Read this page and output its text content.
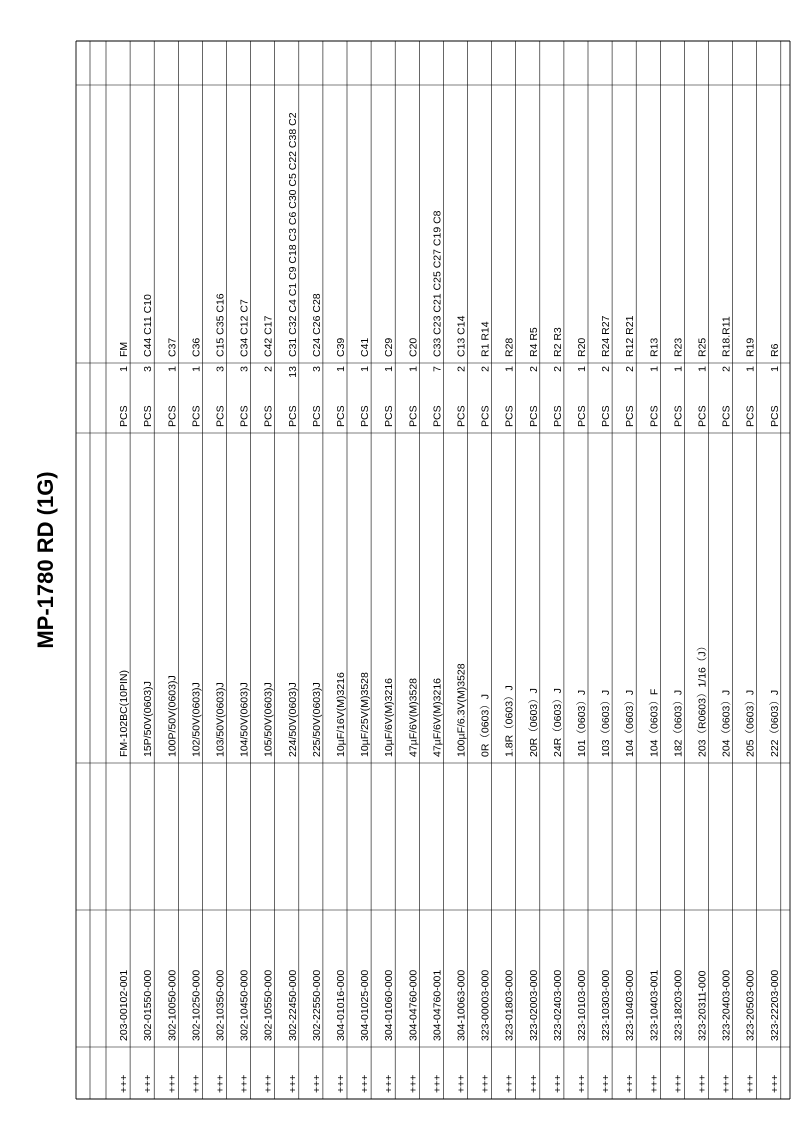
MP-1780 RD (1G)
+++
203-00102-001
FM-102BC(10PIN)
PCS
1
FM
+++
302-01550-000
15P/50V(0603)J
PCS
3
C44 C11 C10
+++
302-10050-000
100P/50V(0603)J
PCS
1
C37
+++
302-10250-000
102/50V(0603)J
PCS
1
C36
+++
302-10350-000
103/50V(0603)J
PCS
3
C15 C35 C16
+++
302-10450-000
104/50V(0603)J
PCS
3
C34 C12 C7
+++
302-10550-000
105/50V(0603)J
PCS
2
C42 C17
+++
302-22450-000
224/50V(0603)J
PCS
13
C31 C32 C4 C1 C9 C18 C3 C6 C30 C5 C22 C38 C2
+++
302-22550-000
225/50V(0603)J
PCS
3
C24 C26 C28
+++
304-01016-000
10µF/16V(M)3216
PCS
1
C39
+++
304-01025-000
10µF/25V(M)3528
PCS
1
C41
+++
304-01060-000
10µF/6V(M)3216
PCS
1
C29
+++
304-04760-000
47µF/6V(M)3528
PCS
1
C20
+++
304-04760-001
47µF/6V(M)3216
PCS
7
C33 C23 C21 C25 C27 C19 C8
+++
304-10063-000
100µF/6.3V(M)3528
PCS
2
C13 C14
+++
323-00003-000
0R（0603）J
PCS
2
R1 R14
+++
323-01803-000
1.8R（0603）J
PCS
1
R28
+++
323-02003-000
20R（0603）J
PCS
2
R4 R5
+++
323-02403-000
24R（0603）J
PCS
2
R2 R3
+++
323-10103-000
101（0603）J
PCS
1
R20
+++
323-10303-000
103（0603）J
PCS
2
R24 R27
+++
323-10403-000
104（0603）J
PCS
2
R12 R21
+++
323-10403-001
104（0603）F
PCS
1
R13
+++
323-18203-000
182（0603）J
PCS
1
R23
+++
323-20311-000
203（R0603）1/16（J）
PCS
1
R25
+++
323-20403-000
204（0603）J
PCS
2
R18.R11
+++
323-20503-000
205（0603）J
PCS
1
R19
+++
323-22203-000
222（0603）J
PCS
1
R6
